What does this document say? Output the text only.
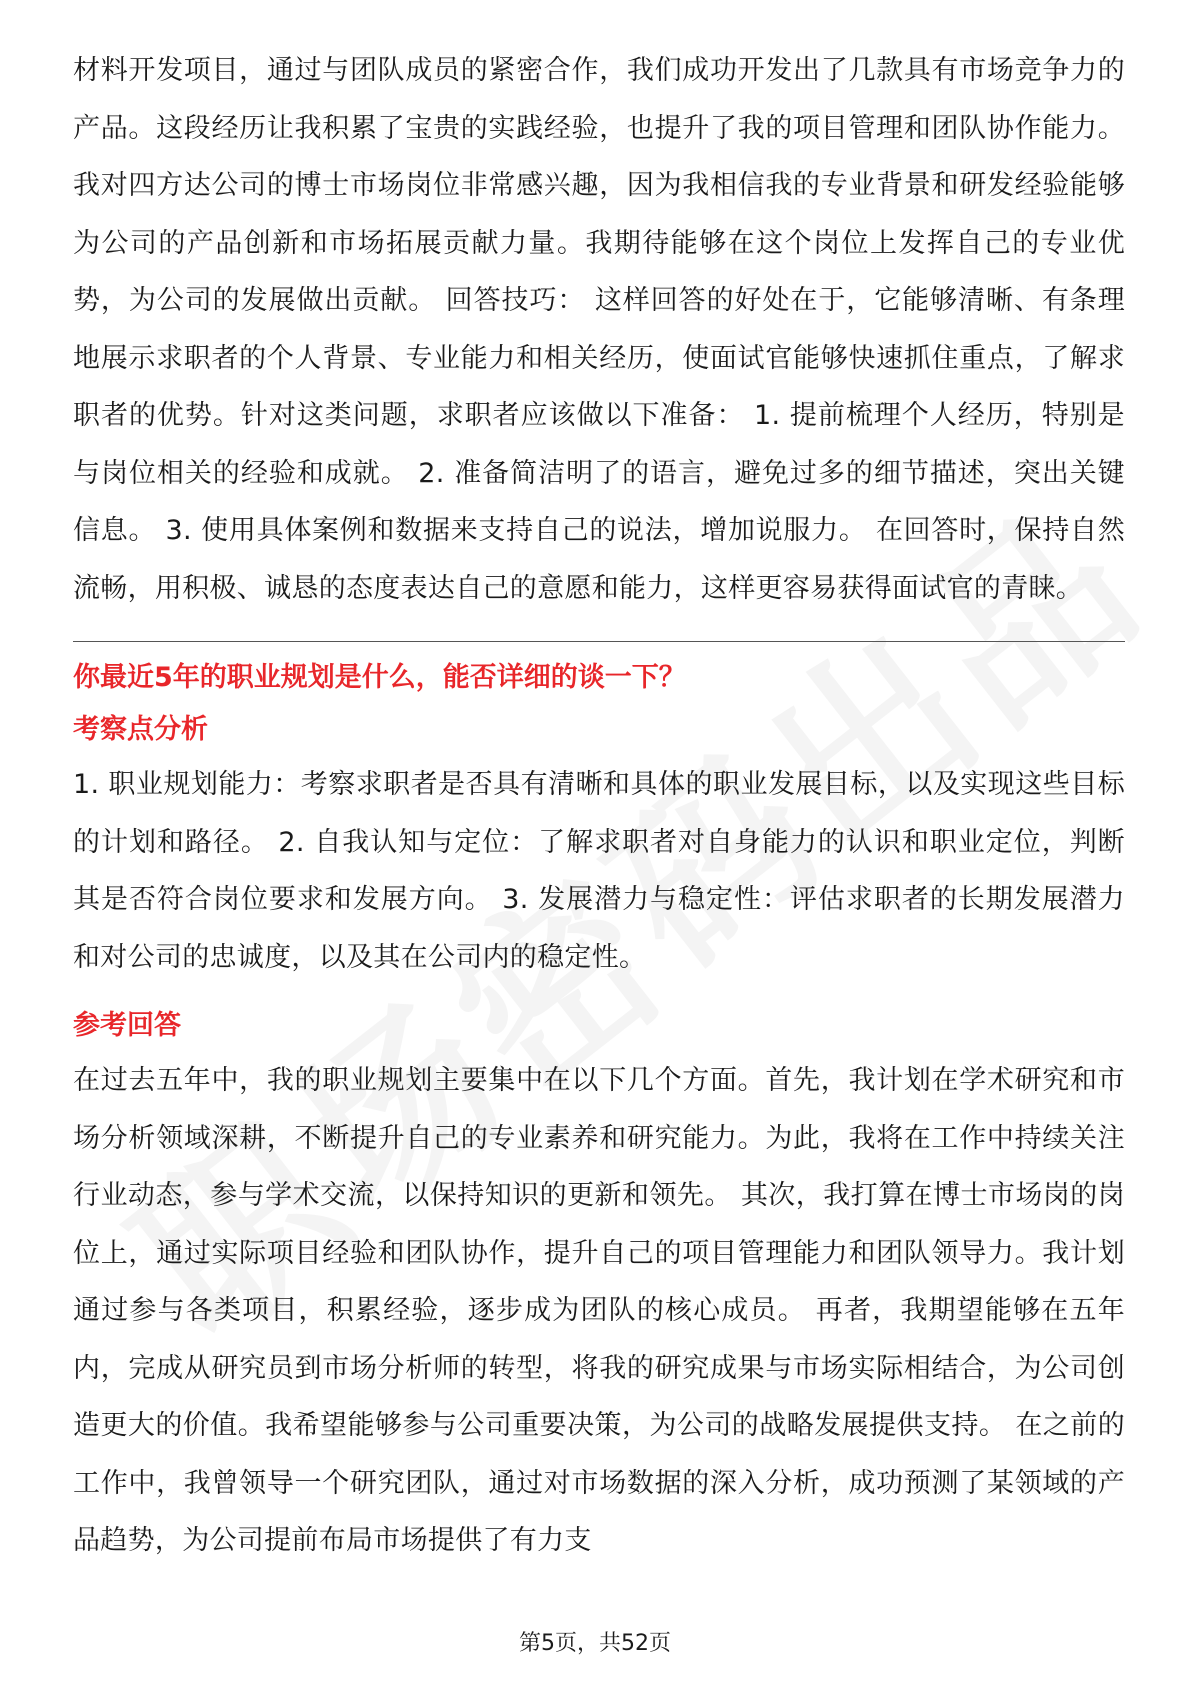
材料开发项目，通过与团队成员的紧密合作，我们成功开发出了几款具有市场竞争力的产品。这段经历让我积累了宝贵的实践经验，也提升了我的项目管理和团队协作能力。 我对四方达公司的博士市场岗位非常感兴趣，因为我相信我的专业背景和研发经验能够为公司的产品创新和市场拓展贡献力量。我期待能够在这个岗位上发挥自己的专业优势，为公司的发展做出贡献。 回答技巧： 这样回答的好处在于，它能够清晰、有条理地展示求职者的个人背景、专业能力和相关经历，使面试官能够快速抓住重点，了解求职者的优势。针对这类问题，求职者应该做以下准备： 1. 提前梳理个人经历，特别是与岗位相关的经验和成就。 2. 准备简洁明了的语言，避免过多的细节描述，突出关键信息。 3. 使用具体案例和数据来支持自己的说法，增加说服力。 在回答时，保持自然流畅，用积极、诚恳的态度表达自己的意愿和能力，这样更容易获得面试官的青睐。

你最近5年的职业规划是什么，能否详细的谈一下？

考察点分析

1. 职业规划能力：考察求职者是否具有清晰和具体的职业发展目标，以及实现这些目标的计划和路径。 2. 自我认知与定位：了解求职者对自身能力的认识和职业定位，判断其是否符合岗位要求和发展方向。 3. 发展潜力与稳定性：评估求职者的长期发展潜力和对公司的忠诚度，以及其在公司内的稳定性。

参考回答

在过去五年中，我的职业规划主要集中在以下几个方面。首先，我计划在学术研究和市场分析领域深耕，不断提升自己的专业素养和研究能力。为此，我将在工作中持续关注行业动态，参与学术交流，以保持知识的更新和领先。 其次，我打算在博士市场岗的岗位上，通过实际项目经验和团队协作，提升自己的项目管理能力和团队领导力。我计划通过参与各类项目，积累经验，逐步成为团队的核心成员。 再者，我期望能够在五年内，完成从研究员到市场分析师的转型，将我的研究成果与市场实际相结合，为公司创造更大的价值。我希望能够参与公司重要决策，为公司的战略发展提供支持。 在之前的工作中，我曾领导一个研究团队，通过对市场数据的深入分析，成功预测了某领域的产品趋势，为公司提前布局市场提供了有力支

第5页，共52页
